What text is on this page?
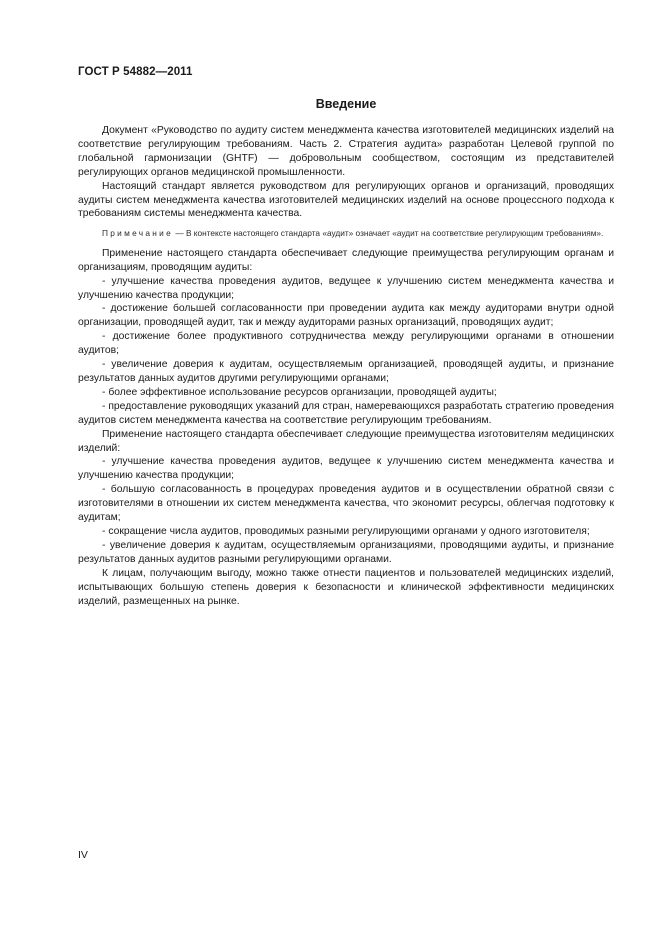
ГОСТ Р 54882—2011
Введение

Документ «Руководство по аудиту систем менеджмента качества изготовителей медицинских изделий на соответствие регулирующим требованиям. Часть 2. Стратегия аудита» разработан Целевой группой по глобальной гармонизации (GHTF) — добровольным сообществом, состоящим из представителей регулирующих органов медицинской промышленности.

Настоящий стандарт является руководством для регулирующих органов и организаций, проводящих аудиты систем менеджмента качества изготовителей медицинских изделий на основе процессного подхода к требованиям системы менеджмента качества.

Примечание — В контексте настоящего стандарта «аудит» означает «аудит на соответствие регулирующим требованиям».

Применение настоящего стандарта обеспечивает следующие преимущества регулирующим органам и организациям, проводящим аудиты:

- улучшение качества проведения аудитов, ведущее к улучшению систем менеджмента качества и улучшению качества продукции;

- достижение большей согласованности при проведении аудита как между аудиторами внутри одной организации, проводящей аудит, так и между аудиторами разных организаций, проводящих аудит;

- достижение более продуктивного сотрудничества между регулирующими органами в отношении аудитов;

- увеличение доверия к аудитам, осуществляемым организацией, проводящей аудиты, и признание результатов данных аудитов другими регулирующими органами;

- более эффективное использование ресурсов организации, проводящей аудиты;

- предоставление руководящих указаний для стран, намеревающихся разработать стратегию проведения аудитов систем менеджмента качества на соответствие регулирующим требованиям.

Применение настоящего стандарта обеспечивает следующие преимущества изготовителям медицинских изделий:

- улучшение качества проведения аудитов, ведущее к улучшению систем менеджмента качества и улучшению качества продукции;

- большую согласованность в процедурах проведения аудитов и в осуществлении обратной связи с изготовителями в отношении их систем менеджмента качества, что экономит ресурсы, облегчая подготовку к аудитам;

- сокращение числа аудитов, проводимых разными регулирующими органами у одного изготовителя;

- увеличение доверия к аудитам, осуществляемым организациями, проводящими аудиты, и признание результатов данных аудитов разными регулирующими органами.

К лицам, получающим выгоду, можно также отнести пациентов и пользователей медицинских изделий, испытывающих большую степень доверия к безопасности и клинической эффективности медицинских изделий, размещенных на рынке.

IV
